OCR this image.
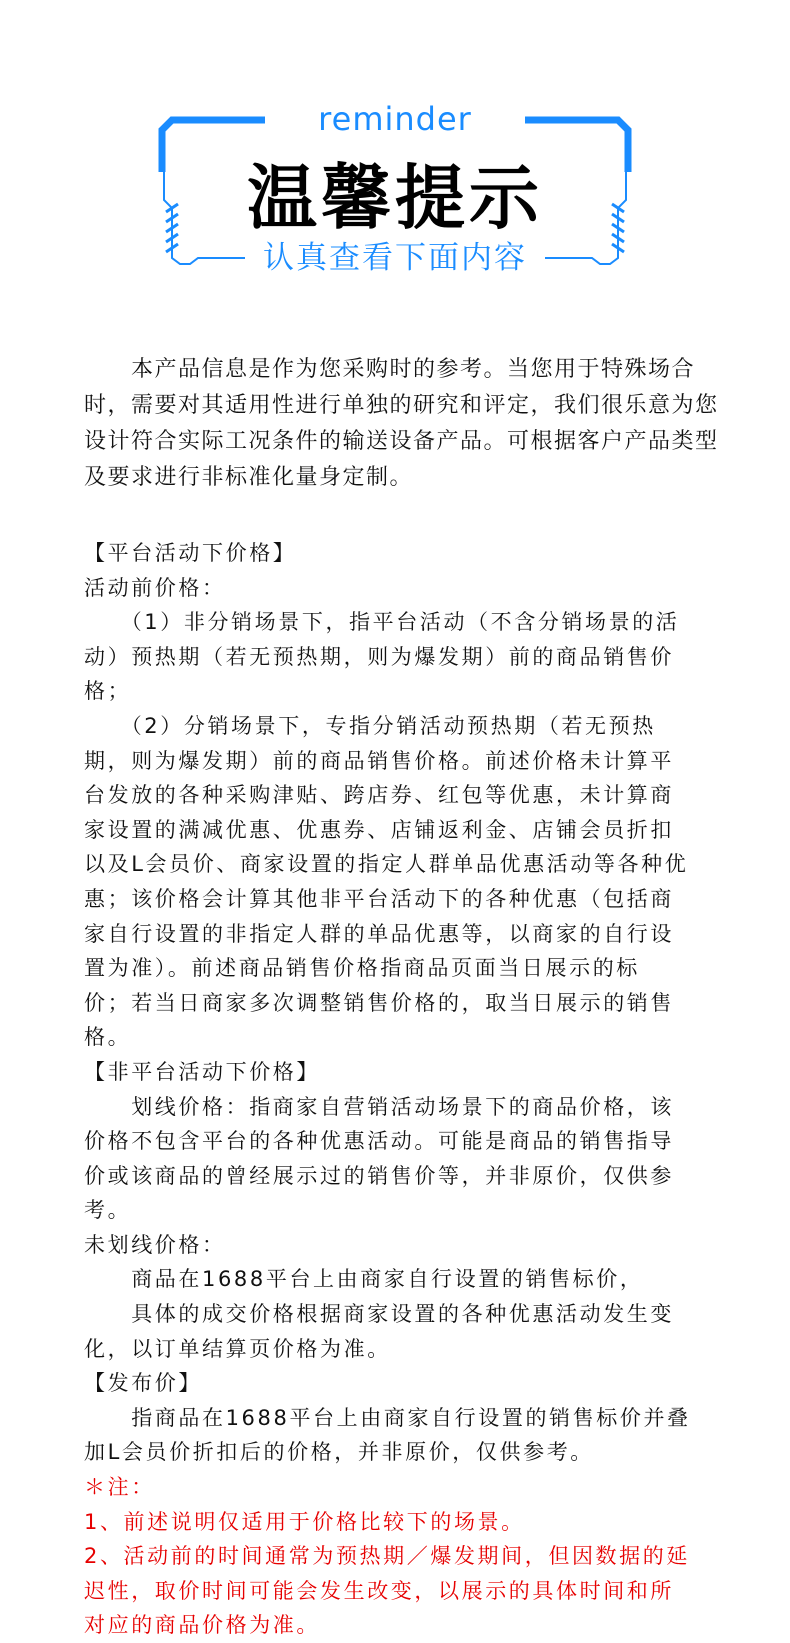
reminder
温馨提示
认真查看下面内容
　　本产品信息是作为您采购时的参考。当您用于特殊场合
时，需要对其适用性进行单独的研究和评定，我们很乐意为您
设计符合实际工况条件的输送设备产品。可根据客户产品类型
及要求进行非标准化量身定制。
【平台活动下价格】
活动前价格：
　　（1）非分销场景下，指平台活动（不含分销场景的活
动）预热期（若无预热期，则为爆发期）前的商品销售价
格；
　　（2）分销场景下，专指分销活动预热期（若无预热
期，则为爆发期）前的商品销售价格。前述价格未计算平
台发放的各种采购津贴、跨店券、红包等优惠，未计算商
家设置的满减优惠、优惠券、店铺返利金、店铺会员折扣
以及L会员价、商家设置的指定人群单品优惠活动等各种优
惠；该价格会计算其他非平台活动下的各种优惠（包括商
家自行设置的非指定人群的单品优惠等，以商家的自行设
置为准）。前述商品销售价格指商品页面当日展示的标
价；若当日商家多次调整销售价格的，取当日展示的销售
格。
【非平台活动下价格】
　　划线价格：指商家自营销活动场景下的商品价格，该
价格不包含平台的各种优惠活动。可能是商品的销售指导
价或该商品的曾经展示过的销售价等，并非原价，仅供参
考。
未划线价格：
　　商品在1688平台上由商家自行设置的销售标价，
　　具体的成交价格根据商家设置的各种优惠活动发生变
化，以订单结算页价格为准。
【发布价】
　　指商品在1688平台上由商家自行设置的销售标价并叠
加L会员价折扣后的价格，并非原价，仅供参考。
＊注：
1、前述说明仅适用于价格比较下的场景。
2、活动前的时间通常为预热期／爆发期间，但因数据的延
迟性，取价时间可能会发生改变，以展示的具体时间和所
对应的商品价格为准。
